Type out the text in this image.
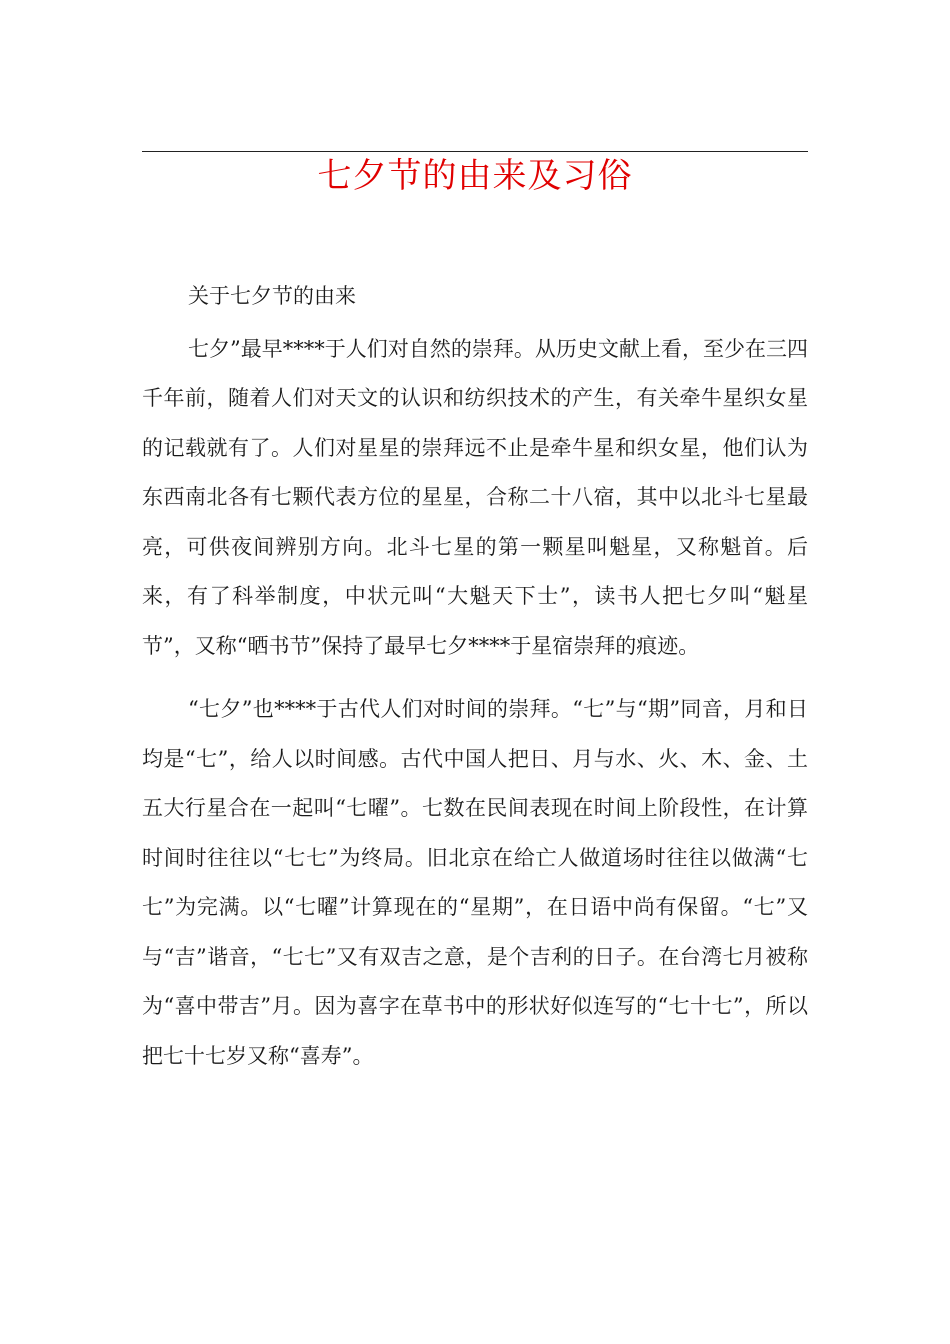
七夕节的由来及习俗
关于七夕节的由来

七夕”最早****于人们对自然的崇拜。从历史文献上看，至少在三四千年前，随着人们对天文的认识和纺织技术的产生，有关牵牛星织女星的记载就有了。人们对星星的崇拜远不止是牵牛星和织女星，他们认为东西南北各有七颗代表方位的星星，合称二十八宿，其中以北斗七星最亮，可供夜间辨别方向。北斗七星的第一颗星叫魁星，又称魁首。后来，有了科举制度，中状元叫“大魁天下士”，读书人把七夕叫“魁星节”，又称“晒书节”保持了最早七夕****于星宿崇拜的痕迹。

“七夕”也****于古代人们对时间的崇拜。“七”与“期”同音，月和日均是“七”，给人以时间感。古代中国人把日、月与水、火、木、金、土五大行星合在一起叫“七曜”。七数在民间表现在时间上阶段性，在计算时间时往往以“七七”为终局。旧北京在给亡人做道场时往往以做满“七七”为完满。以“七曜”计算现在的“星期”，在日语中尚有保留。“七”又与“吉”谐音，“七七”又有双吉之意，是个吉利的日子。在台湾七月被称为“喜中带吉”月。因为喜字在草书中的形状好似连写的“七十七”，所以把七十七岁又称“喜寿”。
